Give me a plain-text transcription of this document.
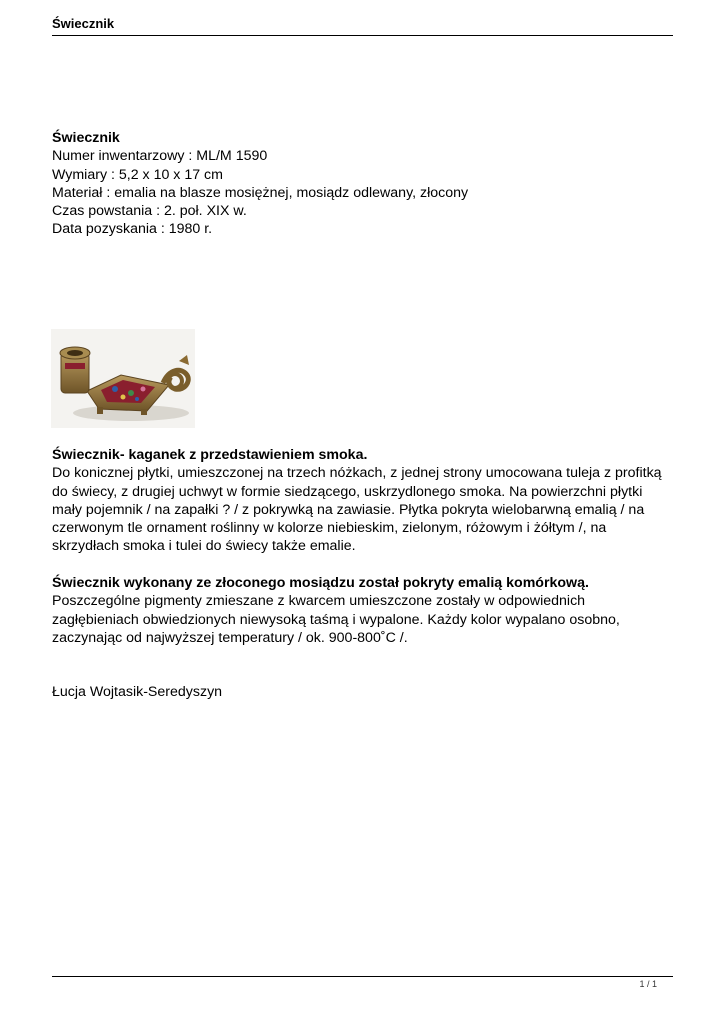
Świecznik
Świecznik
Numer inwentarzowy : ML/M 1590
Wymiary : 5,2 x 10 x 17 cm
Materiał : emalia na blasze mosiężnej, mosiądz odlewany, złocony
Czas powstania : 2. poł. XIX w.
Data pozyskania : 1980 r.
Świecznik- kaganek z przedstawieniem smoka.

Do konicznej płytki, umieszczonej na trzech nóżkach, z jednej strony umocowana tuleja z profitką do świecy, z drugiej uchwyt w formie siedzącego, uskrzydlonego smoka. Na powierzchni płytki mały pojemnik / na zapałki ? / z pokrywką na zawiasie. Płytka pokryta wielobarwną emalią / na czerwonym tle ornament roślinny w kolorze niebieskim, zielonym, różowym i żółtym /, na skrzydłach smoka i tulei do świecy także emalie.

Świecznik wykonany ze złoconego mosiądzu został pokryty emalią komórkową.

Poszczególne pigmenty zmieszane z kwarcem umieszczone zostały w odpowiednich zagłębieniach obwiedzionych niewysoką taśmą i wypalone. Każdy kolor wypalano osobno, zaczynając od najwyższej temperatury / ok. 900-800˚C /.

Łucja Wojtasik-Seredyszyn
1 / 1
